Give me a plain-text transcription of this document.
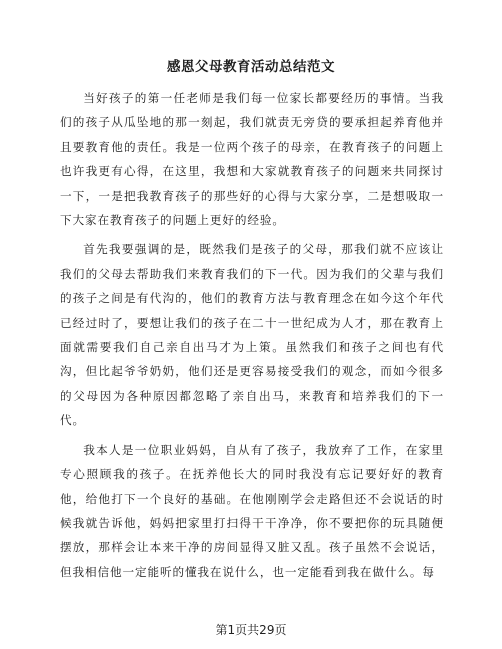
感恩父母教育活动总结范文

当好孩子的第一任老师是我们每一位家长都要经历的事情。当我们的孩子从瓜坠地的那一刻起，我们就责无旁贷的要承担起养育他并且要教育他的责任。我是一位两个孩子的母亲，在教育孩子的问题上也许我更有心得，在这里，我想和大家就教育孩子的问题来共同探讨一下，一是把我教育孩子的那些好的心得与大家分享，二是想吸取一下大家在教育孩子的问题上更好的经验。

首先我要强调的是，既然我们是孩子的父母，那我们就不应该让我们的父母去帮助我们来教育我们的下一代。因为我们的父辈与我们的孩子之间是有代沟的，他们的教育方法与教育理念在如今这个年代已经过时了，要想让我们的孩子在二十一世纪成为人才，那在教育上面就需要我们自己亲自出马才为上策。虽然我们和孩子之间也有代沟，但比起爷爷奶奶，他们还是更容易接受我们的观念，而如今很多的父母因为各种原因都忽略了亲自出马，来教育和培养我们的下一代。

我本人是一位职业妈妈，自从有了孩子，我放弃了工作，在家里专心照顾我的孩子。在抚养他长大的同时我没有忘记要好好的教育他，给他打下一个良好的基础。在他刚刚学会走路但还不会说话的时候我就告诉他，妈妈把家里打扫得干干净净，你不要把你的玩具随便摆放，那样会让本来干净的房间显得又脏又乱。孩子虽然不会说话，但我相信他一定能听的懂我在说什么，也一定能看到我在做什么。每

第1页共29页
